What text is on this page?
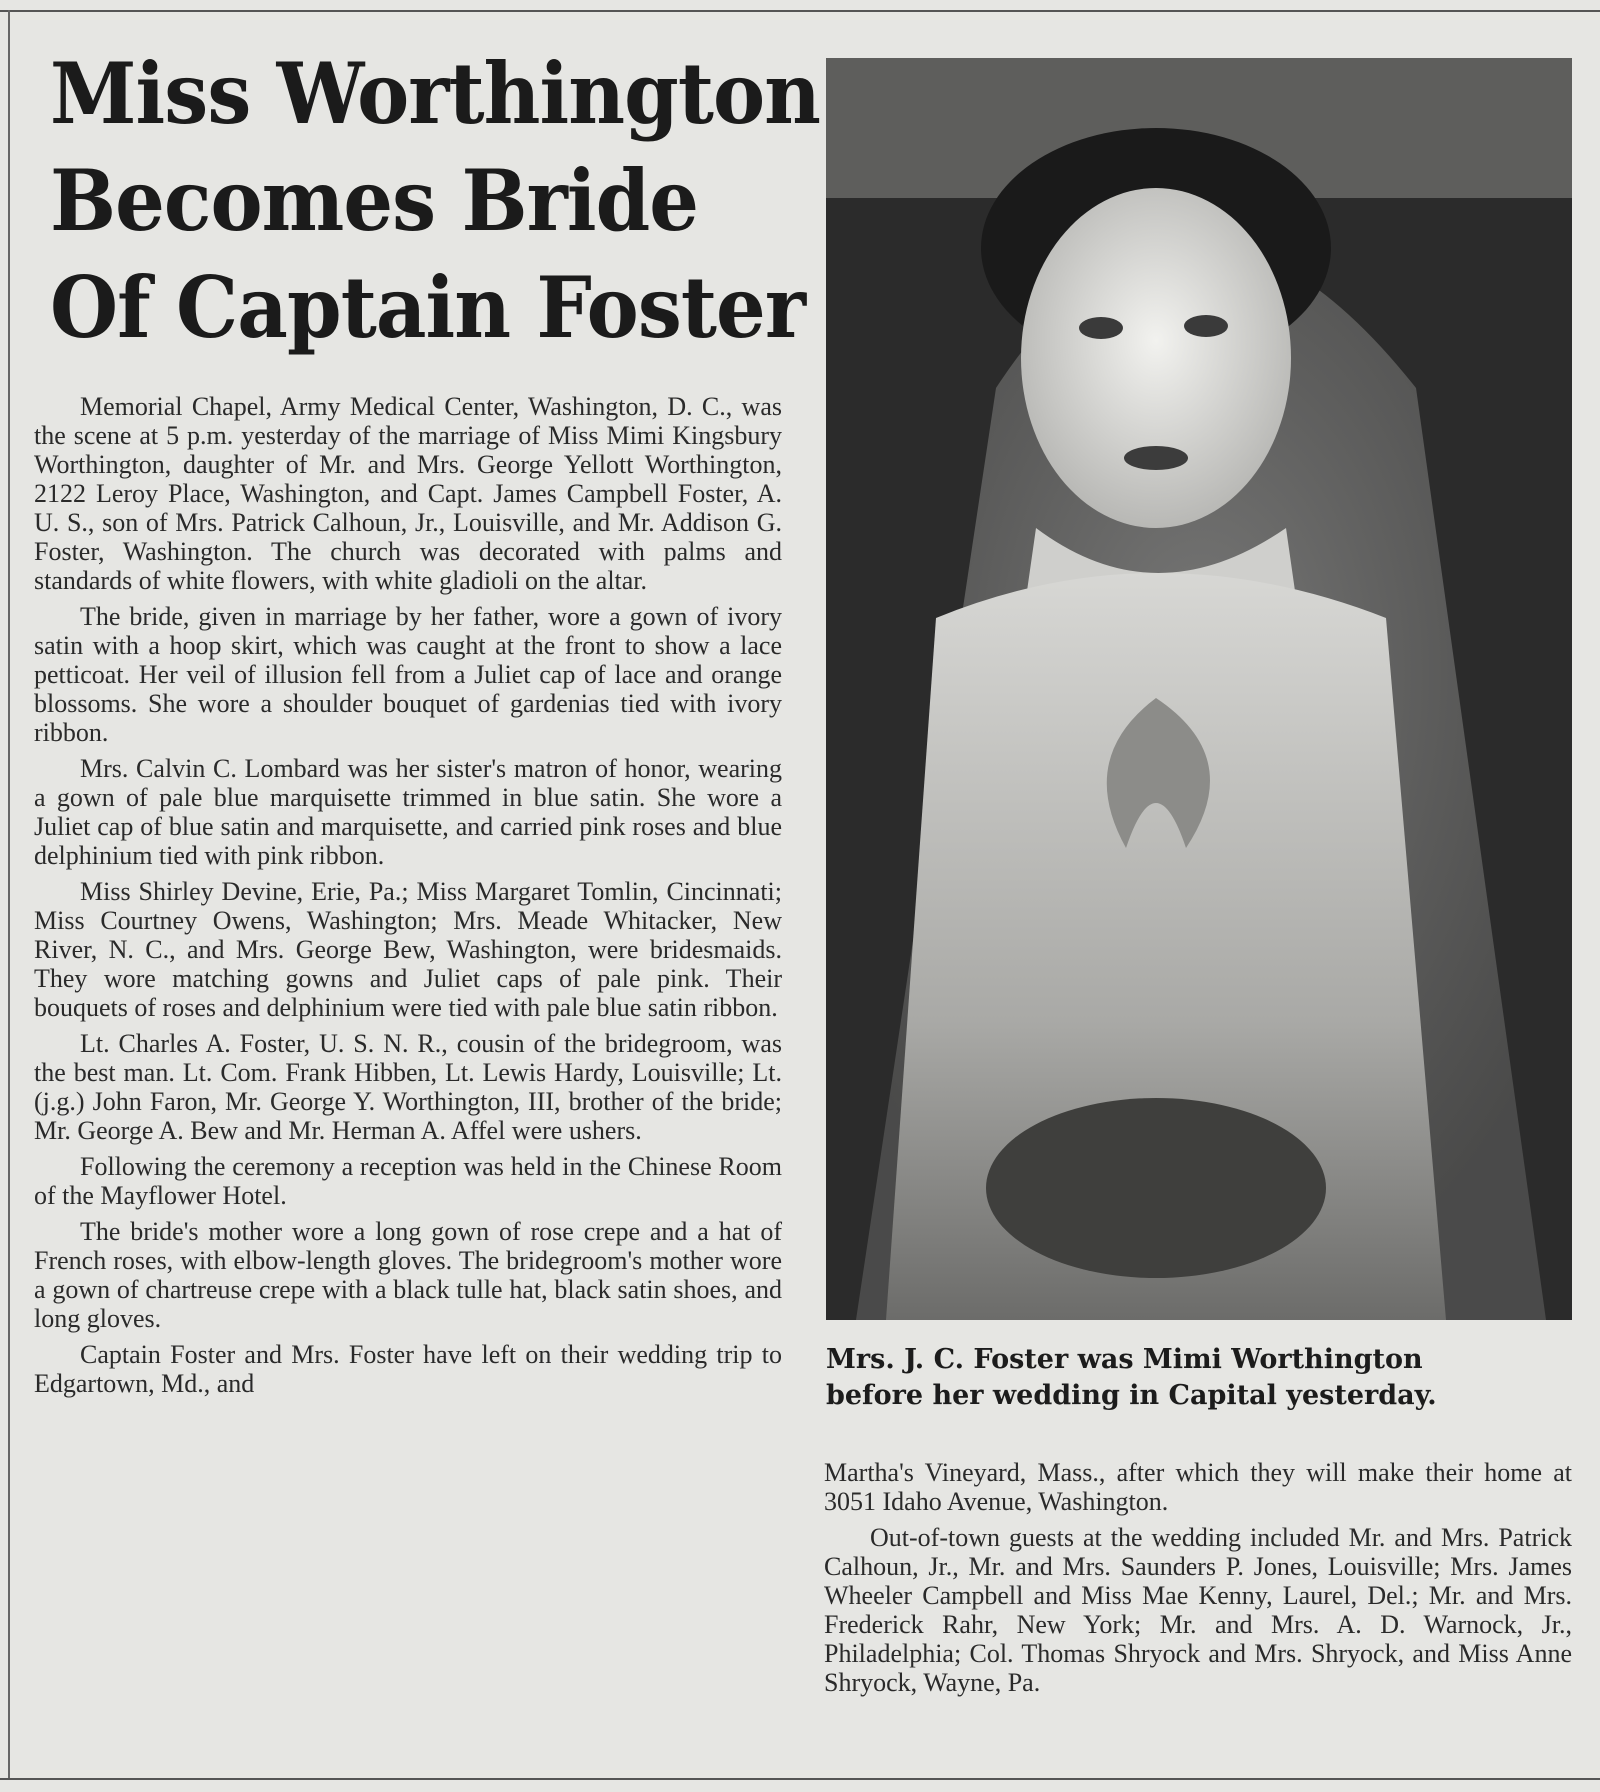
Miss Worthington
Becomes Bride
Of Captain Foster

Memorial Chapel, Army Medical Center, Washington, D. C., was the scene at 5 p.m. yesterday of the marriage of Miss Mimi Kingsbury Worthington, daughter of Mr. and Mrs. George Yellott Worthington, 2122 Leroy Place, Washington, and Capt. James Campbell Foster, A. U. S., son of Mrs. Patrick Calhoun, Jr., Louisville, and Mr. Addison G. Foster, Washington. The church was decorated with palms and standards of white flowers, with white gladioli on the altar.

The bride, given in marriage by her father, wore a gown of ivory satin with a hoop skirt, which was caught at the front to show a lace petticoat. Her veil of illusion fell from a Juliet cap of lace and orange blossoms. She wore a shoulder bouquet of gardenias tied with ivory ribbon.

Mrs. Calvin C. Lombard was her sister's matron of honor, wearing a gown of pale blue marquisette trimmed in blue satin. She wore a Juliet cap of blue satin and marquisette, and carried pink roses and blue delphinium tied with pink ribbon.

Miss Shirley Devine, Erie, Pa.; Miss Margaret Tomlin, Cincinnati; Miss Courtney Owens, Washington; Mrs. Meade Whitacker, New River, N. C., and Mrs. George Bew, Washington, were bridesmaids. They wore matching gowns and Juliet caps of pale pink. Their bouquets of roses and delphinium were tied with pale blue satin ribbon.

Lt. Charles A. Foster, U. S. N. R., cousin of the bridegroom, was the best man. Lt. Com. Frank Hibben, Lt. Lewis Hardy, Louisville; Lt. (j.g.) John Faron, Mr. George Y. Worthington, III, brother of the bride; Mr. George A. Bew and Mr. Herman A. Affel were ushers.

Following the ceremony a reception was held in the Chinese Room of the Mayflower Hotel.

The bride's mother wore a long gown of rose crepe and a hat of French roses, with elbow-length gloves. The bridegroom's mother wore a gown of chartreuse crepe with a black tulle hat, black satin shoes, and long gloves.

Captain Foster and Mrs. Foster have left on their wedding trip to Edgartown, Md., and

Mrs. J. C. Foster was Mimi Worthington
before her wedding in Capital yesterday.

Martha's Vineyard, Mass., after which they will make their home at 3051 Idaho Avenue, Washington.

Out-of-town guests at the wedding included Mr. and Mrs. Patrick Calhoun, Jr., Mr. and Mrs. Saunders P. Jones, Louisville; Mrs. James Wheeler Campbell and Miss Mae Kenny, Laurel, Del.; Mr. and Mrs. Frederick Rahr, New York; Mr. and Mrs. A. D. Warnock, Jr., Philadelphia; Col. Thomas Shryock and Mrs. Shryock, and Miss Anne Shryock, Wayne, Pa.
